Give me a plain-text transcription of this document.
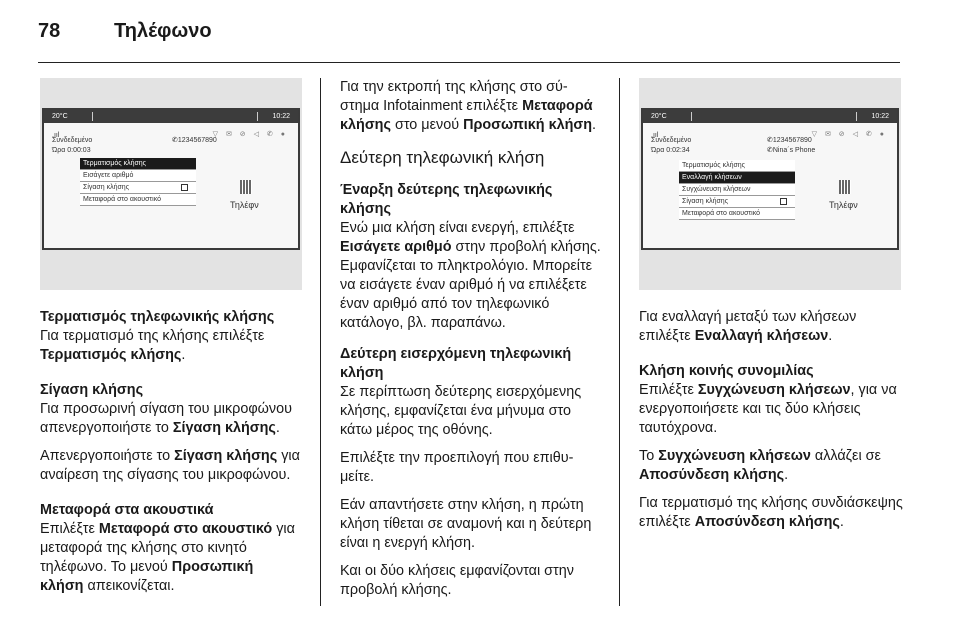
78	Τηλέφωνο
20°C	10:22
.ııl	▽ ✉ ⊘ ◁ ✆ ●
Συνδεδεμένο
Ώρα 0:00:03
✆1234567890
Τερματισμός κλήσης
Εισάγετε αριθμό
Σίγαση κλήσης
Μεταφορά στο ακουστικό
Τηλέφν

Τερματισμός τηλεφωνικής κλήσης
Για τερματισμό της κλήσης επιλέξτε Τερματισμός κλήσης.

Σίγαση κλήσης
Για προσωρινή σίγαση του μικροφώνου απενεργοποιήστε το Σίγαση κλήσης.

Απενεργοποιήστε το Σίγαση κλήσης για αναίρεση της σίγασης του μικροφώνου.

Μεταφορά στα ακουστικά
Επιλέξτε Μεταφορά στο ακουστικό για μεταφορά της κλήσης στο κινητό τηλέφωνο. Το μενού Προσωπική κλήση απεικονίζεται.

Για την εκτροπή της κλήσης στο σύστημα Infotainment επιλέξτε Μεταφορά κλήσης στο μενού Προσωπική κλήση.

Δεύτερη τηλεφωνική κλήση

Έναρξη δεύτερης τηλεφωνικής κλήσης
Ενώ μια κλήση είναι ενεργή, επιλέξτε Εισάγετε αριθμό στην προβολή κλήσης. Εμφανίζεται το πληκτρολόγιο. Μπορείτε να εισάγετε έναν αριθμό ή να επιλέξετε έναν αριθμό από τον τηλεφωνικό κατάλογο, βλ. παραπάνω.

Δεύτερη εισερχόμενη τηλεφωνική κλήση
Σε περίπτωση δεύτερης εισερχόμενης κλήσης, εμφανίζεται ένα μήνυμα στο κάτω μέρος της οθόνης.

Επιλέξτε την προεπιλογή που επιθυμείτε.

Εάν απαντήσετε στην κλήση, η πρώτη κλήση τίθεται σε αναμονή και η δεύτερη είναι η ενεργή κλήση.

Και οι δύο κλήσεις εμφανίζονται στην προβολή κλήσης.

20°C	10:22
.ııl	▽ ✉ ⊘ ◁ ✆ ●
Συνδεδεμένο
Ώρα 0:02:34
✆1234567890
✆Nina´s Phone
Τερματισμός κλήσης
Εναλλαγή κλήσεων
Συγχώνευση κλήσεων
Σίγαση κλήσης
Μεταφορά στο ακουστικό
Τηλέφν

Για εναλλαγή μεταξύ των κλήσεων επιλέξτε Εναλλαγή κλήσεων.

Κλήση κοινής συνομιλίας
Επιλέξτε Συγχώνευση κλήσεων, για να ενεργοποιήσετε και τις δύο κλήσεις ταυτόχρονα.

Το Συγχώνευση κλήσεων αλλάζει σε Αποσύνδεση κλήσης.

Για τερματισμό της κλήσης συνδιάσκεψης επιλέξτε Αποσύνδεση κλήσης.
